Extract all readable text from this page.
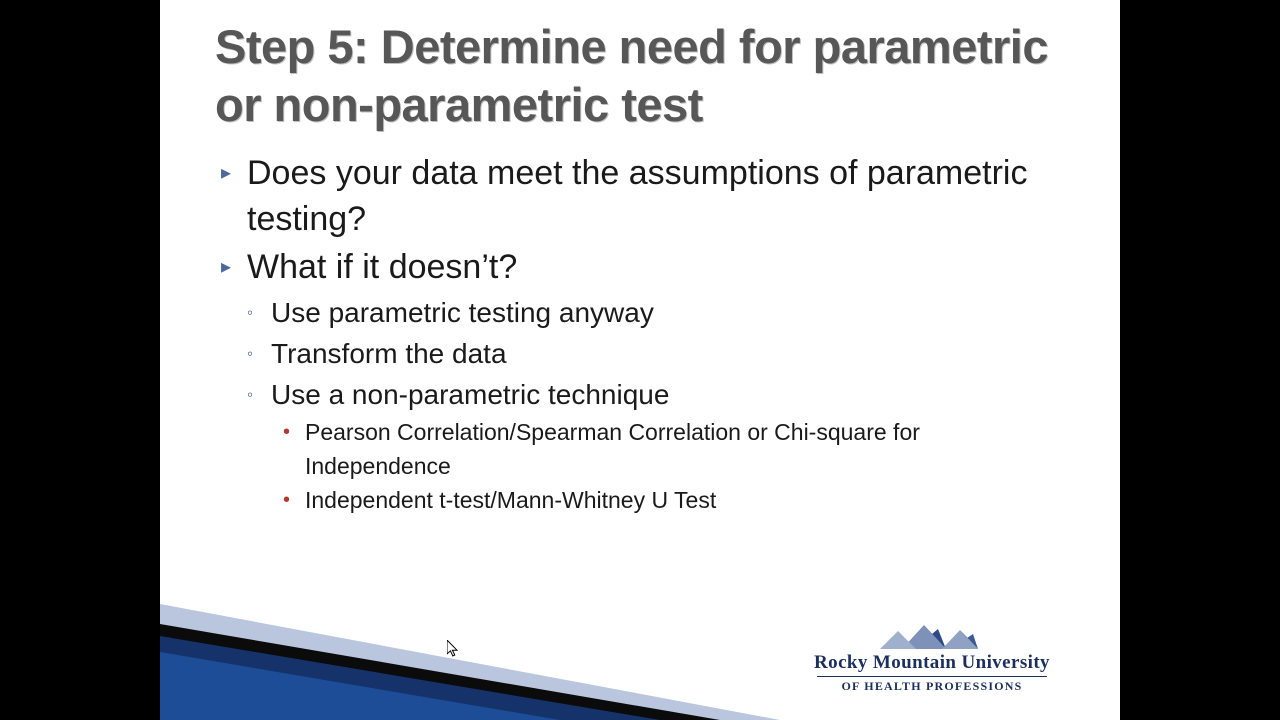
Step 5: Determine need for parametric or non-parametric test
▸ Does your data meet the assumptions of parametric testing?
▸ What if it doesn’t?
◦ Use parametric testing anyway
◦ Transform the data
◦ Use a non-parametric technique
• Pearson Correlation/Spearman Correlation or Chi-square for Independence
• Independent t-test/Mann-Whitney U Test
Rocky Mountain University
OF HEALTH PROFESSIONS
